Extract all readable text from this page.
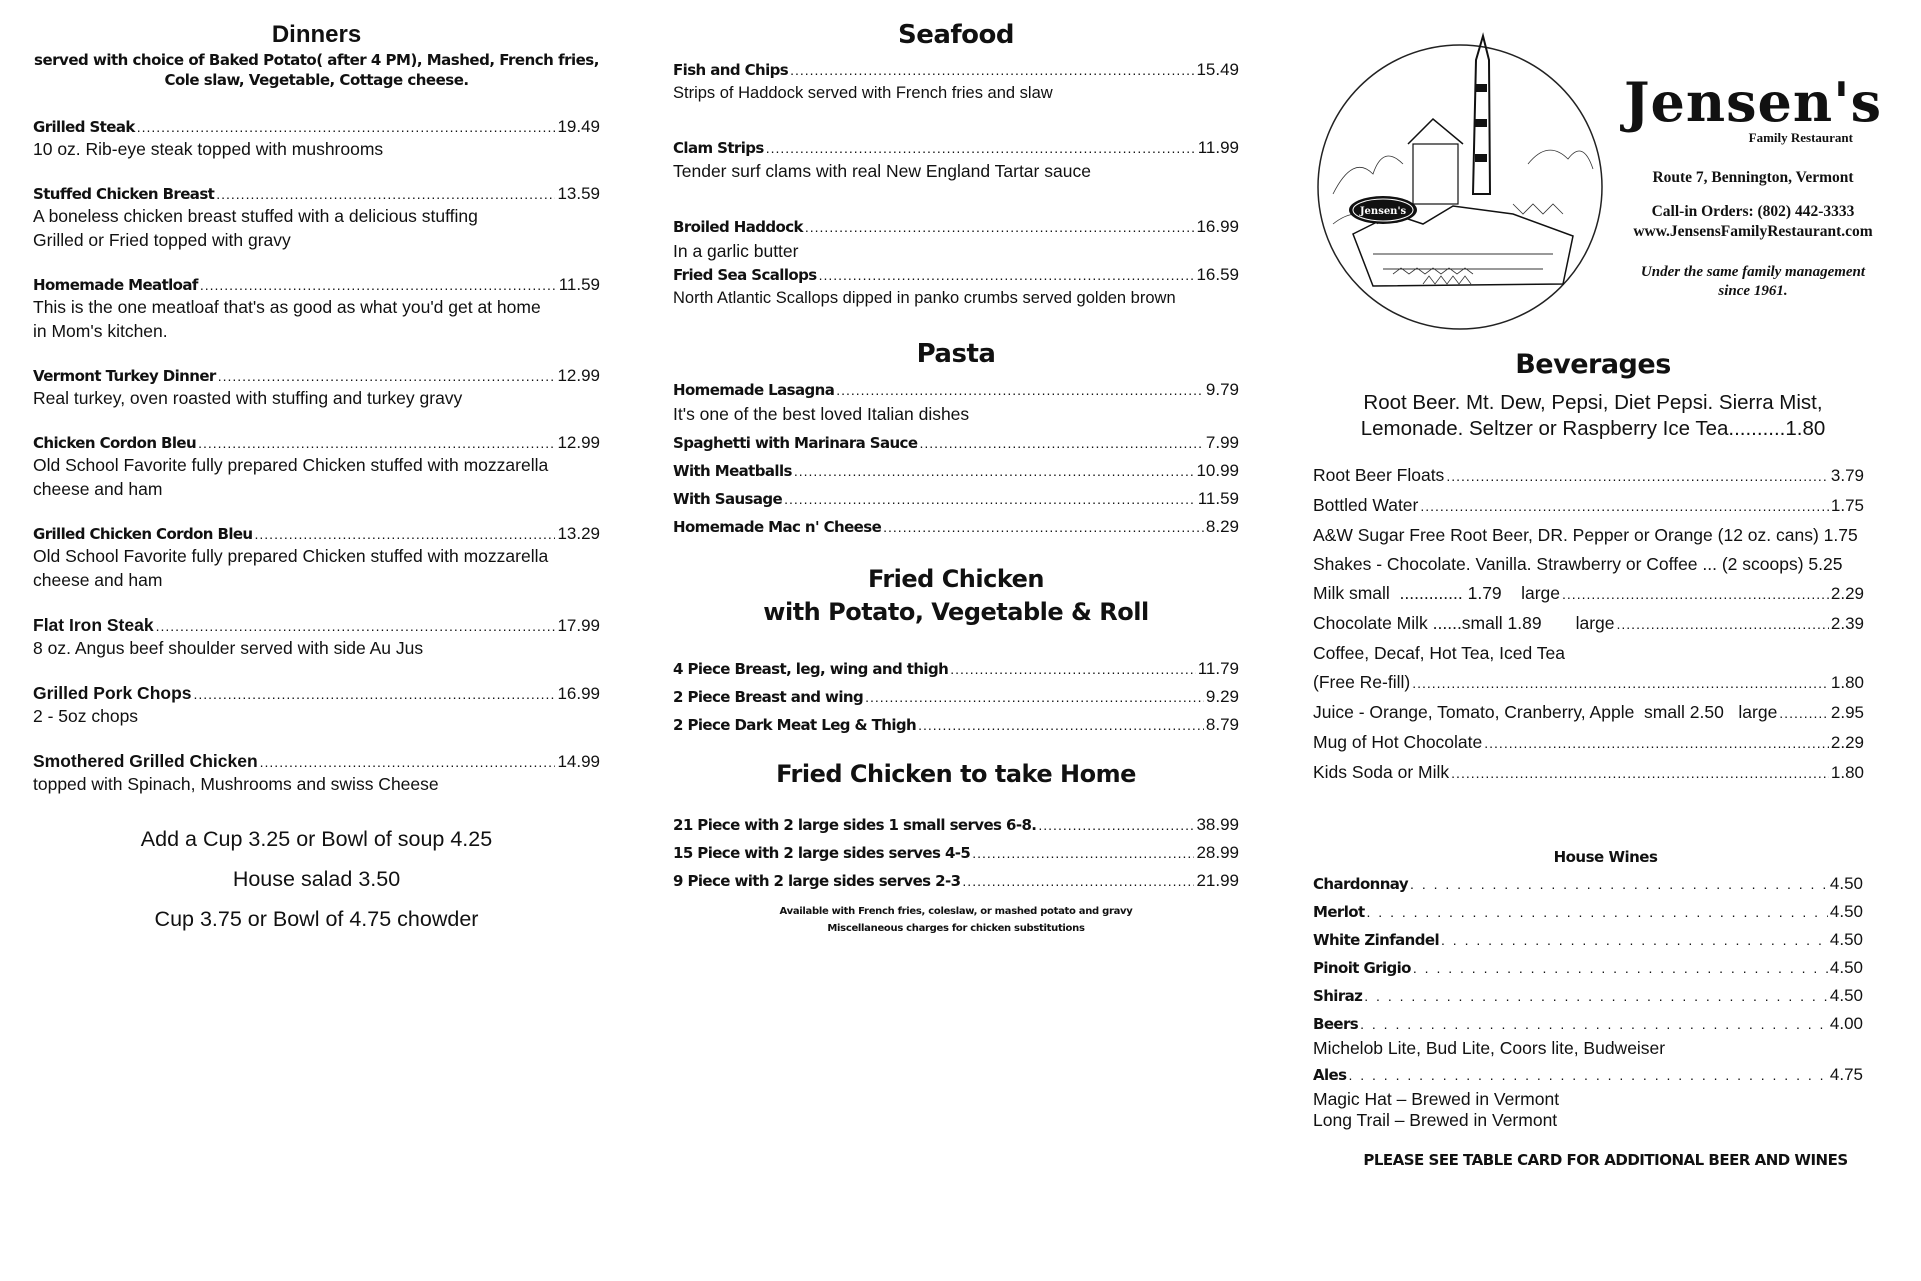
Dinners
served with choice of Baked Potato( after 4 PM), Mashed, French fries,
Cole slaw, Vegetable, Cottage cheese.
Grilled Steak .....	19.49
10 oz. Rib-eye steak topped with mushrooms
Stuffed Chicken Breast .....	13.59
A boneless chicken breast stuffed with a delicious stuffing
Grilled or Fried topped with gravy
Homemade Meatloaf .....	11.59
This is the one meatloaf that's as good as what you'd get at home
in Mom's kitchen.
Vermont Turkey Dinner .....	12.99
Real turkey, oven roasted with stuffing and turkey gravy
Chicken Cordon Bleu .....	12.99
Old School Favorite fully prepared Chicken stuffed with mozzarella
cheese and ham
Grilled Chicken Cordon Bleu .....	13.29
Old School Favorite fully prepared Chicken stuffed with mozzarella
cheese and ham
Flat Iron Steak .....	17.99
8 oz. Angus beef shoulder served with side Au Jus
Grilled Pork Chops .....	16.99
2 - 5oz chops
Smothered Grilled Chicken .....	14.99
topped with Spinach, Mushrooms and swiss Cheese
Add a Cup 3.25 or Bowl of soup 4.25
House salad 3.50
Cup 3.75 or Bowl of 4.75 chowder
Seafood
Fish and Chips .....	15.49
Strips of Haddock served with French fries and slaw
Clam Strips .....	11.99
Tender surf clams with real New England Tartar sauce
Broiled Haddock .....	16.99
In a garlic butter
Fried Sea Scallops .....	16.59
North Atlantic Scallops dipped in panko crumbs served golden brown
Pasta
Homemade Lasagna .....	9.79
It's one of the best loved Italian dishes
Spaghetti with Marinara Sauce .....	7.99
With Meatballs .....	10.99
With Sausage .....	11.59
Homemade Mac n' Cheese .....	8.29
Fried Chicken
with Potato, Vegetable & Roll
4 Piece Breast, leg, wing and thigh .....	11.79
2 Piece Breast and wing .....	9.29
2 Piece Dark Meat Leg & Thigh .....	8.79
Fried Chicken to take Home
21 Piece with 2 large sides 1 small serves 6-8. .....	38.99
15 Piece with 2 large sides serves 4-5 .....	28.99
9 Piece with 2 large sides serves 2-3 .....	21.99
Available with French fries, coleslaw, or mashed potato and gravy
Miscellaneous charges for chicken substitutions
Jensen's
Jensen's
Family Restaurant
Route 7, Bennington, Vermont
Call-in Orders: (802) 442-3333
www.JensensFamilyRestaurant.com
Under the same family management
since 1961.
Beverages
Root Beer. Mt. Dew, Pepsi, Diet Pepsi. Sierra Mist,
Lemonade. Seltzer or Raspberry Ice Tea..........1.80
Root Beer Floats .....	3.79
Bottled Water .....	1.75
A&W Sugar Free Root Beer, DR. Pepper or Orange (12 oz. cans) 1.75
Shakes - Chocolate. Vanilla. Strawberry or Coffee ... (2 scoops) 5.25
Milk small  ............. 1.79    large .....	2.29
Chocolate Milk ......small 1.89       large .....	2.39
Coffee, Decaf, Hot Tea, Iced Tea
(Free Re-fill) .....	1.80
Juice - Orange, Tomato, Cranberry, Apple  small 2.50   large .....	2.95
Mug of Hot Chocolate .....	2.29
Kids Soda or Milk .....	1.80
House Wines
Chardonnay . . .	4.50
Merlot . . .	4.50
White Zinfandel . . .	4.50
Pinoit Grigio . . .	4.50
Shiraz . . .	4.50
Beers . . .	4.00
Michelob Lite, Bud Lite, Coors lite, Budweiser
Ales . . .	4.75
Magic Hat – Brewed in Vermont
Long Trail – Brewed in Vermont
PLEASE SEE TABLE CARD FOR ADDITIONAL BEER AND WINES
